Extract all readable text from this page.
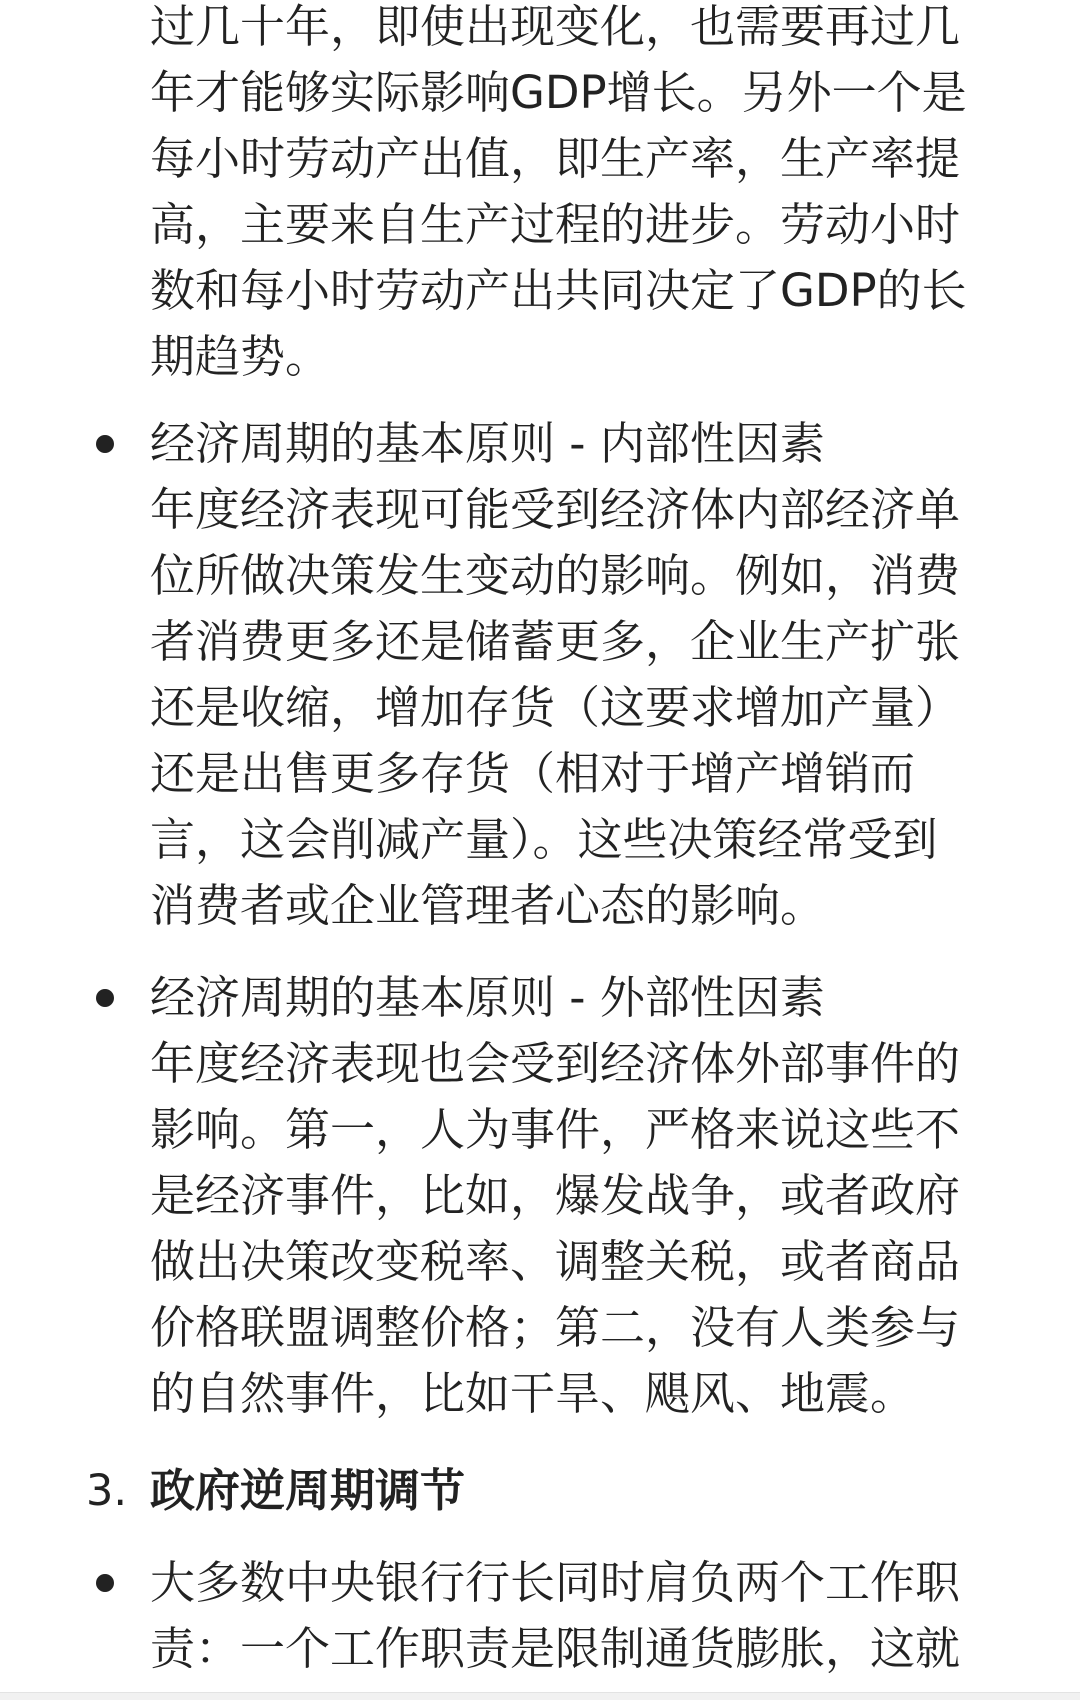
过几十年，即使出现变化，也需要再过几
年才能够实际影响GDP增长。另外一个是
每小时劳动产出值，即生产率，生产率提
高，主要来自生产过程的进步。劳动小时
数和每小时劳动产出共同决定了GDP的长
期趋势。
经济周期的基本原则 - 内部性因素
年度经济表现可能受到经济体内部经济单
位所做决策发生变动的影响。例如，消费
者消费更多还是储蓄更多，企业生产扩张
还是收缩，增加存货（这要求增加产量）
还是出售更多存货（相对于增产增销而
言，这会削减产量）。这些决策经常受到
消费者或企业管理者心态的影响。
经济周期的基本原则 - 外部性因素
年度经济表现也会受到经济体外部事件的
影响。第一，人为事件，严格来说这些不
是经济事件，比如，爆发战争，或者政府
做出决策改变税率、调整关税，或者商品
价格联盟调整价格；第二，没有人类参与
的自然事件，比如干旱、飓风、地震。
3. 政府逆周期调节
大多数中央银行行长同时肩负两个工作职
责：一个工作职责是限制通货膨胀，这就
